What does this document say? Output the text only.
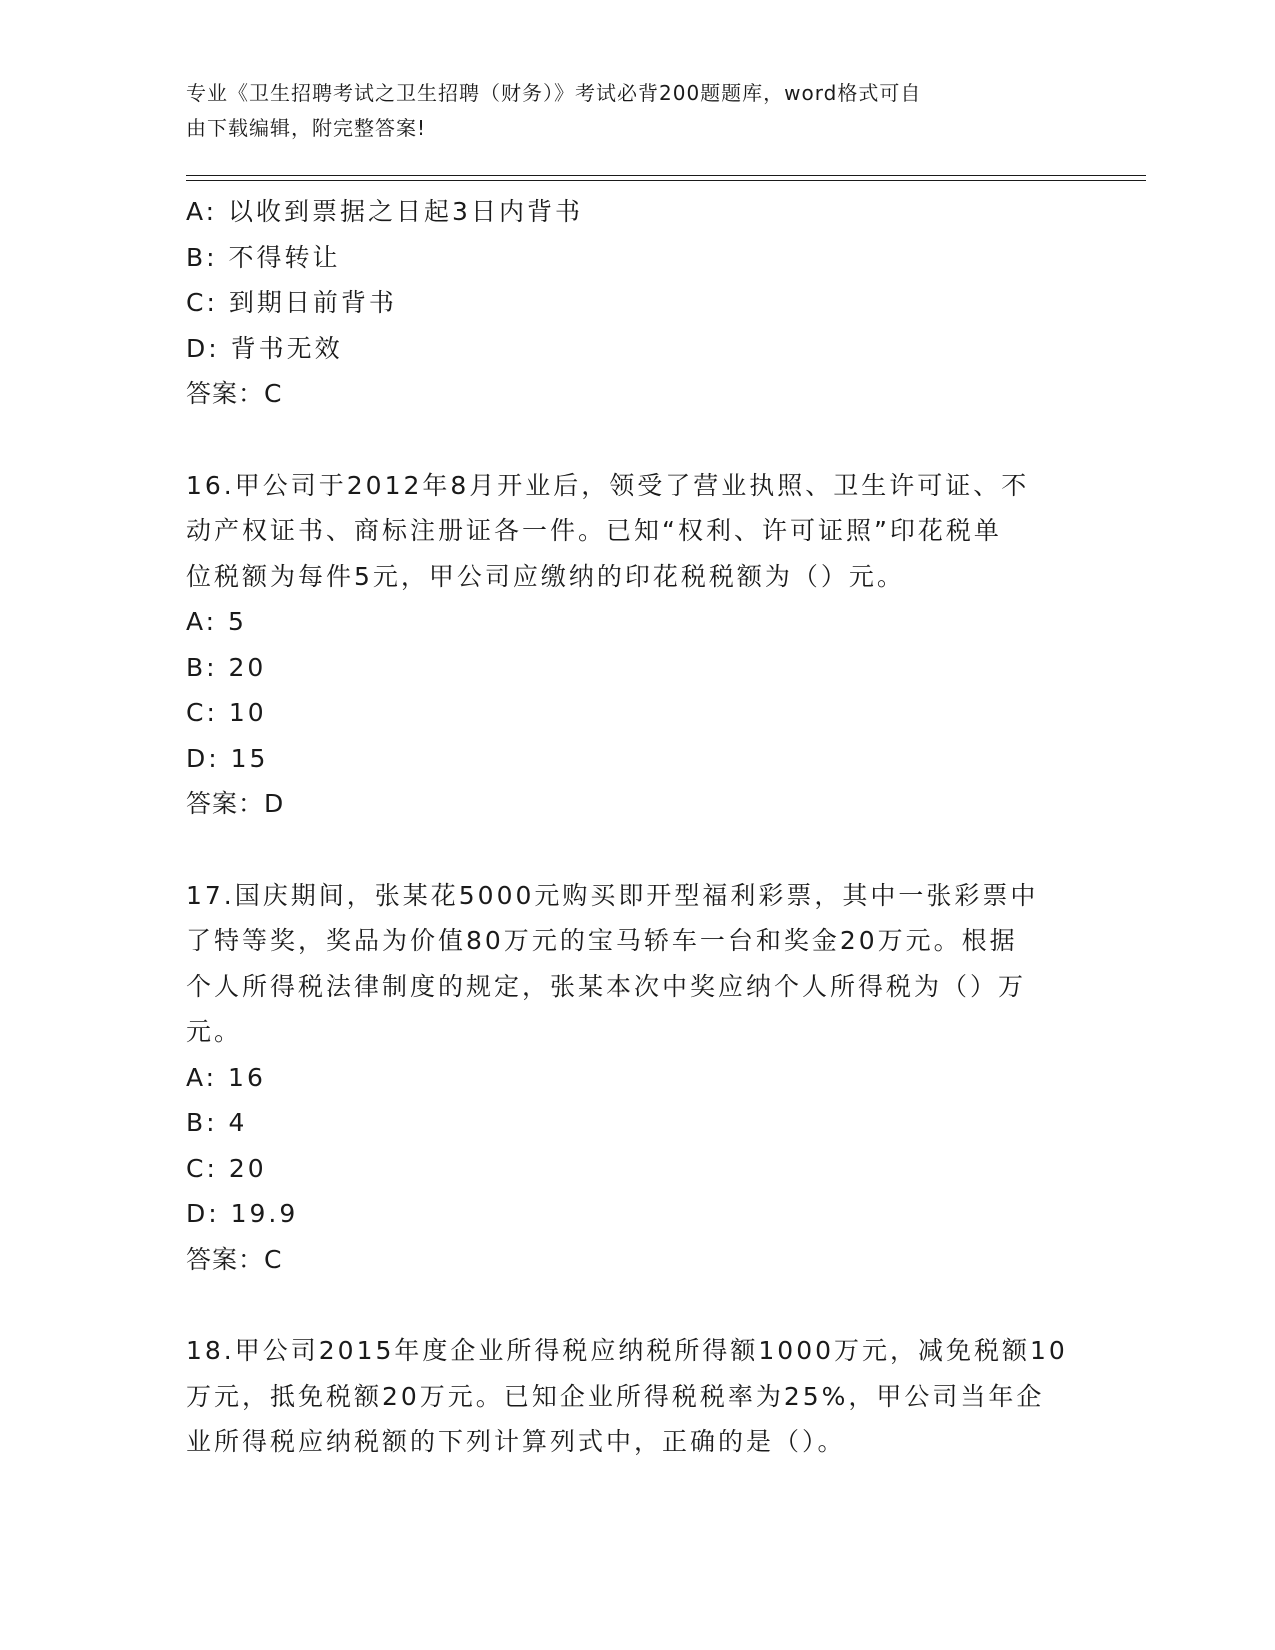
专业《卫生招聘考试之卫生招聘（财务）》考试必背200题题库，word格式可自
由下载编辑，附完整答案!
A: 以收到票据之日起3日内背书
B: 不得转让
C: 到期日前背书
D: 背书无效
答案：C
16.甲公司于2012年8月开业后，领受了营业执照、卫生许可证、不
动产权证书、商标注册证各一件。已知“权利、许可证照”印花税单
位税额为每件5元，甲公司应缴纳的印花税税额为（）元。
A: 5
B: 20
C: 10
D: 15
答案：D
17.国庆期间，张某花5000元购买即开型福利彩票，其中一张彩票中
了特等奖，奖品为价值80万元的宝马轿车一台和奖金20万元。根据
个人所得税法律制度的规定，张某本次中奖应纳个人所得税为（）万
元。
A: 16
B: 4
C: 20
D: 19.9
答案：C
18.甲公司2015年度企业所得税应纳税所得额1000万元，减免税额10
万元，抵免税额20万元。已知企业所得税税率为25%，甲公司当年企
业所得税应纳税额的下列计算列式中，正确的是（）。
